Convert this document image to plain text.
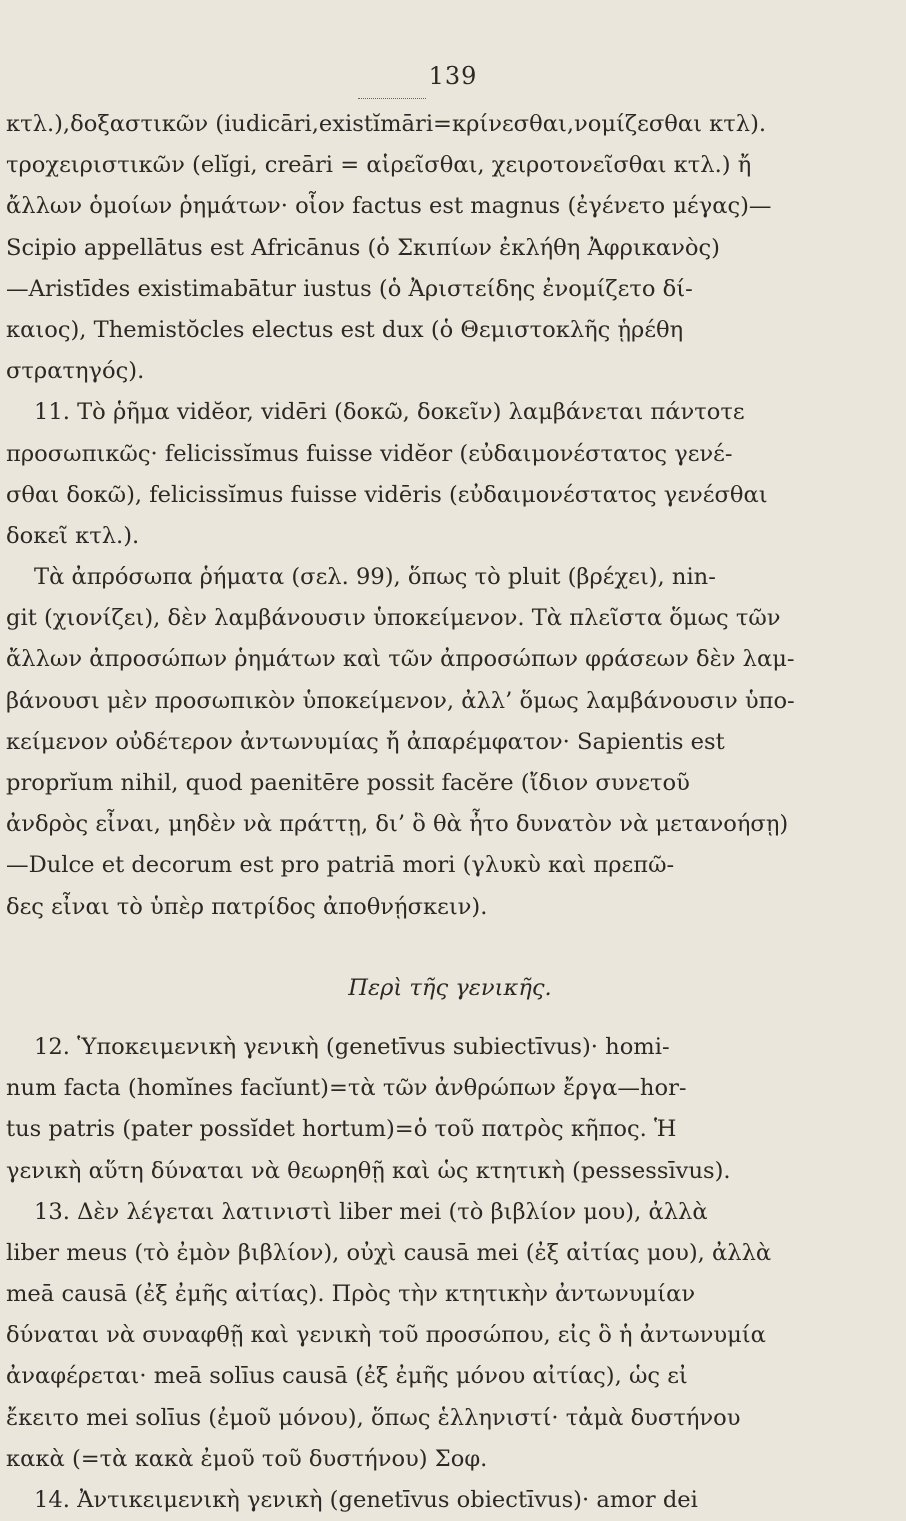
139
κτλ.),δοξαστικῶν (iudicāri,existĭmāri=κρίνεσθαι,νομίζεσθαι κτλ).
τροχειριστικῶν (elĭgi, creāri = αἱρεῖσθαι, χειροτονεῖσθαι κτλ.) ἤ
ἄλλων ὁμοίων ῥημάτων· οἷον factus est magnus (ἐγένετο μέγας)—
Scipio appellātus est Africānus (ὁ Σκιπίων ἐκλήθη Ἀφρικανὸς)
—Aristīdes existimabātur iustus (ὁ Ἀριστείδης ἐνομίζετο δί-
καιος), Themistŏcles electus est dux (ὁ Θεμιστοκλῆς ᾑρέθη
στρατηγός).
11. Τὸ ῥῆμα vidĕor, vidēri (δοκῶ, δοκεῖν) λαμβάνεται πάντοτε
προσωπικῶς· felicissĭmus fuisse vidĕor (εὐδαιμονέστατος γενέ-
σθαι δοκῶ), felicissĭmus fuisse vidēris (εὐδαιμονέστατος γενέσθαι
δοκεῖ κτλ.).
Τὰ ἀπρόσωπα ῥήματα (σελ. 99), ὅπως τὸ pluit (βρέχει), nin-
git (χιονίζει), δὲν λαμβάνουσιν ὑποκείμενον. Τὰ πλεῖστα ὅμως τῶν
ἄλλων ἀπροσώπων ῥημάτων καὶ τῶν ἀπροσώπων φράσεων δὲν λαμ-
βάνουσι μὲν προσωπικὸν ὑποκείμενον, ἀλλ’ ὅμως λαμβάνουσιν ὑπο-
κείμενον οὐδέτερον ἀντωνυμίας ἤ ἀπαρέμφατον· Sapientis est
proprĭum nihil, quod paenitēre possit facĕre (ἴδιον συνετοῦ
ἀνδρὸς εἶναι, μηδὲν νὰ πράττῃ, δι’ ὃ θὰ ἦτο δυνατὸν νὰ μετανοήσῃ)
—Dulce et decorum est pro patriā mori (γλυκὺ καὶ πρεπῶ-
δες εἶναι τὸ ὑπὲρ πατρίδος ἀποθνῄσκειν).
Περὶ τῆς γενικῆς.
12. Ὑποκειμενικὴ γενικὴ (genetīvus subiectīvus)· homi-
num facta (homĭnes facĭunt)=τὰ τῶν ἀνθρώπων ἔργα—hor-
tus patris (pater possĭdet hortum)=ὁ τοῦ πατρὸς κῆπος. Ἡ
γενικὴ αὕτη δύναται νὰ θεωρηθῇ καὶ ὡς κτητικὴ (pessessīvus).
13. Δὲν λέγεται λατινιστὶ liber mei (τὸ βιβλίον μου), ἀλλὰ
liber meus (τὸ ἐμὸν βιβλίον), οὐχὶ causā mei (ἐξ αἰτίας μου), ἀλλὰ
meā causā (ἐξ ἐμῆς αἰτίας). Πρὸς τὴν κτητικὴν ἀντωνυμίαν
δύναται νὰ συναφθῇ καὶ γενικὴ τοῦ προσώπου, εἰς ὃ ἡ ἀντωνυμία
ἀναφέρεται· meā solīus causā (ἐξ ἐμῆς μόνου αἰτίας), ὡς εἰ
ἔκειτο mei solīus (ἐμοῦ μόνου), ὅπως ἑλληνιστί· τἀμὰ δυστήνου
κακὰ (=τὰ κακὰ ἐμοῦ τοῦ δυστήνου) Σοφ.
14. Ἀντικειμενικὴ γενικὴ (genetīvus obiectīvus)· amor dei
